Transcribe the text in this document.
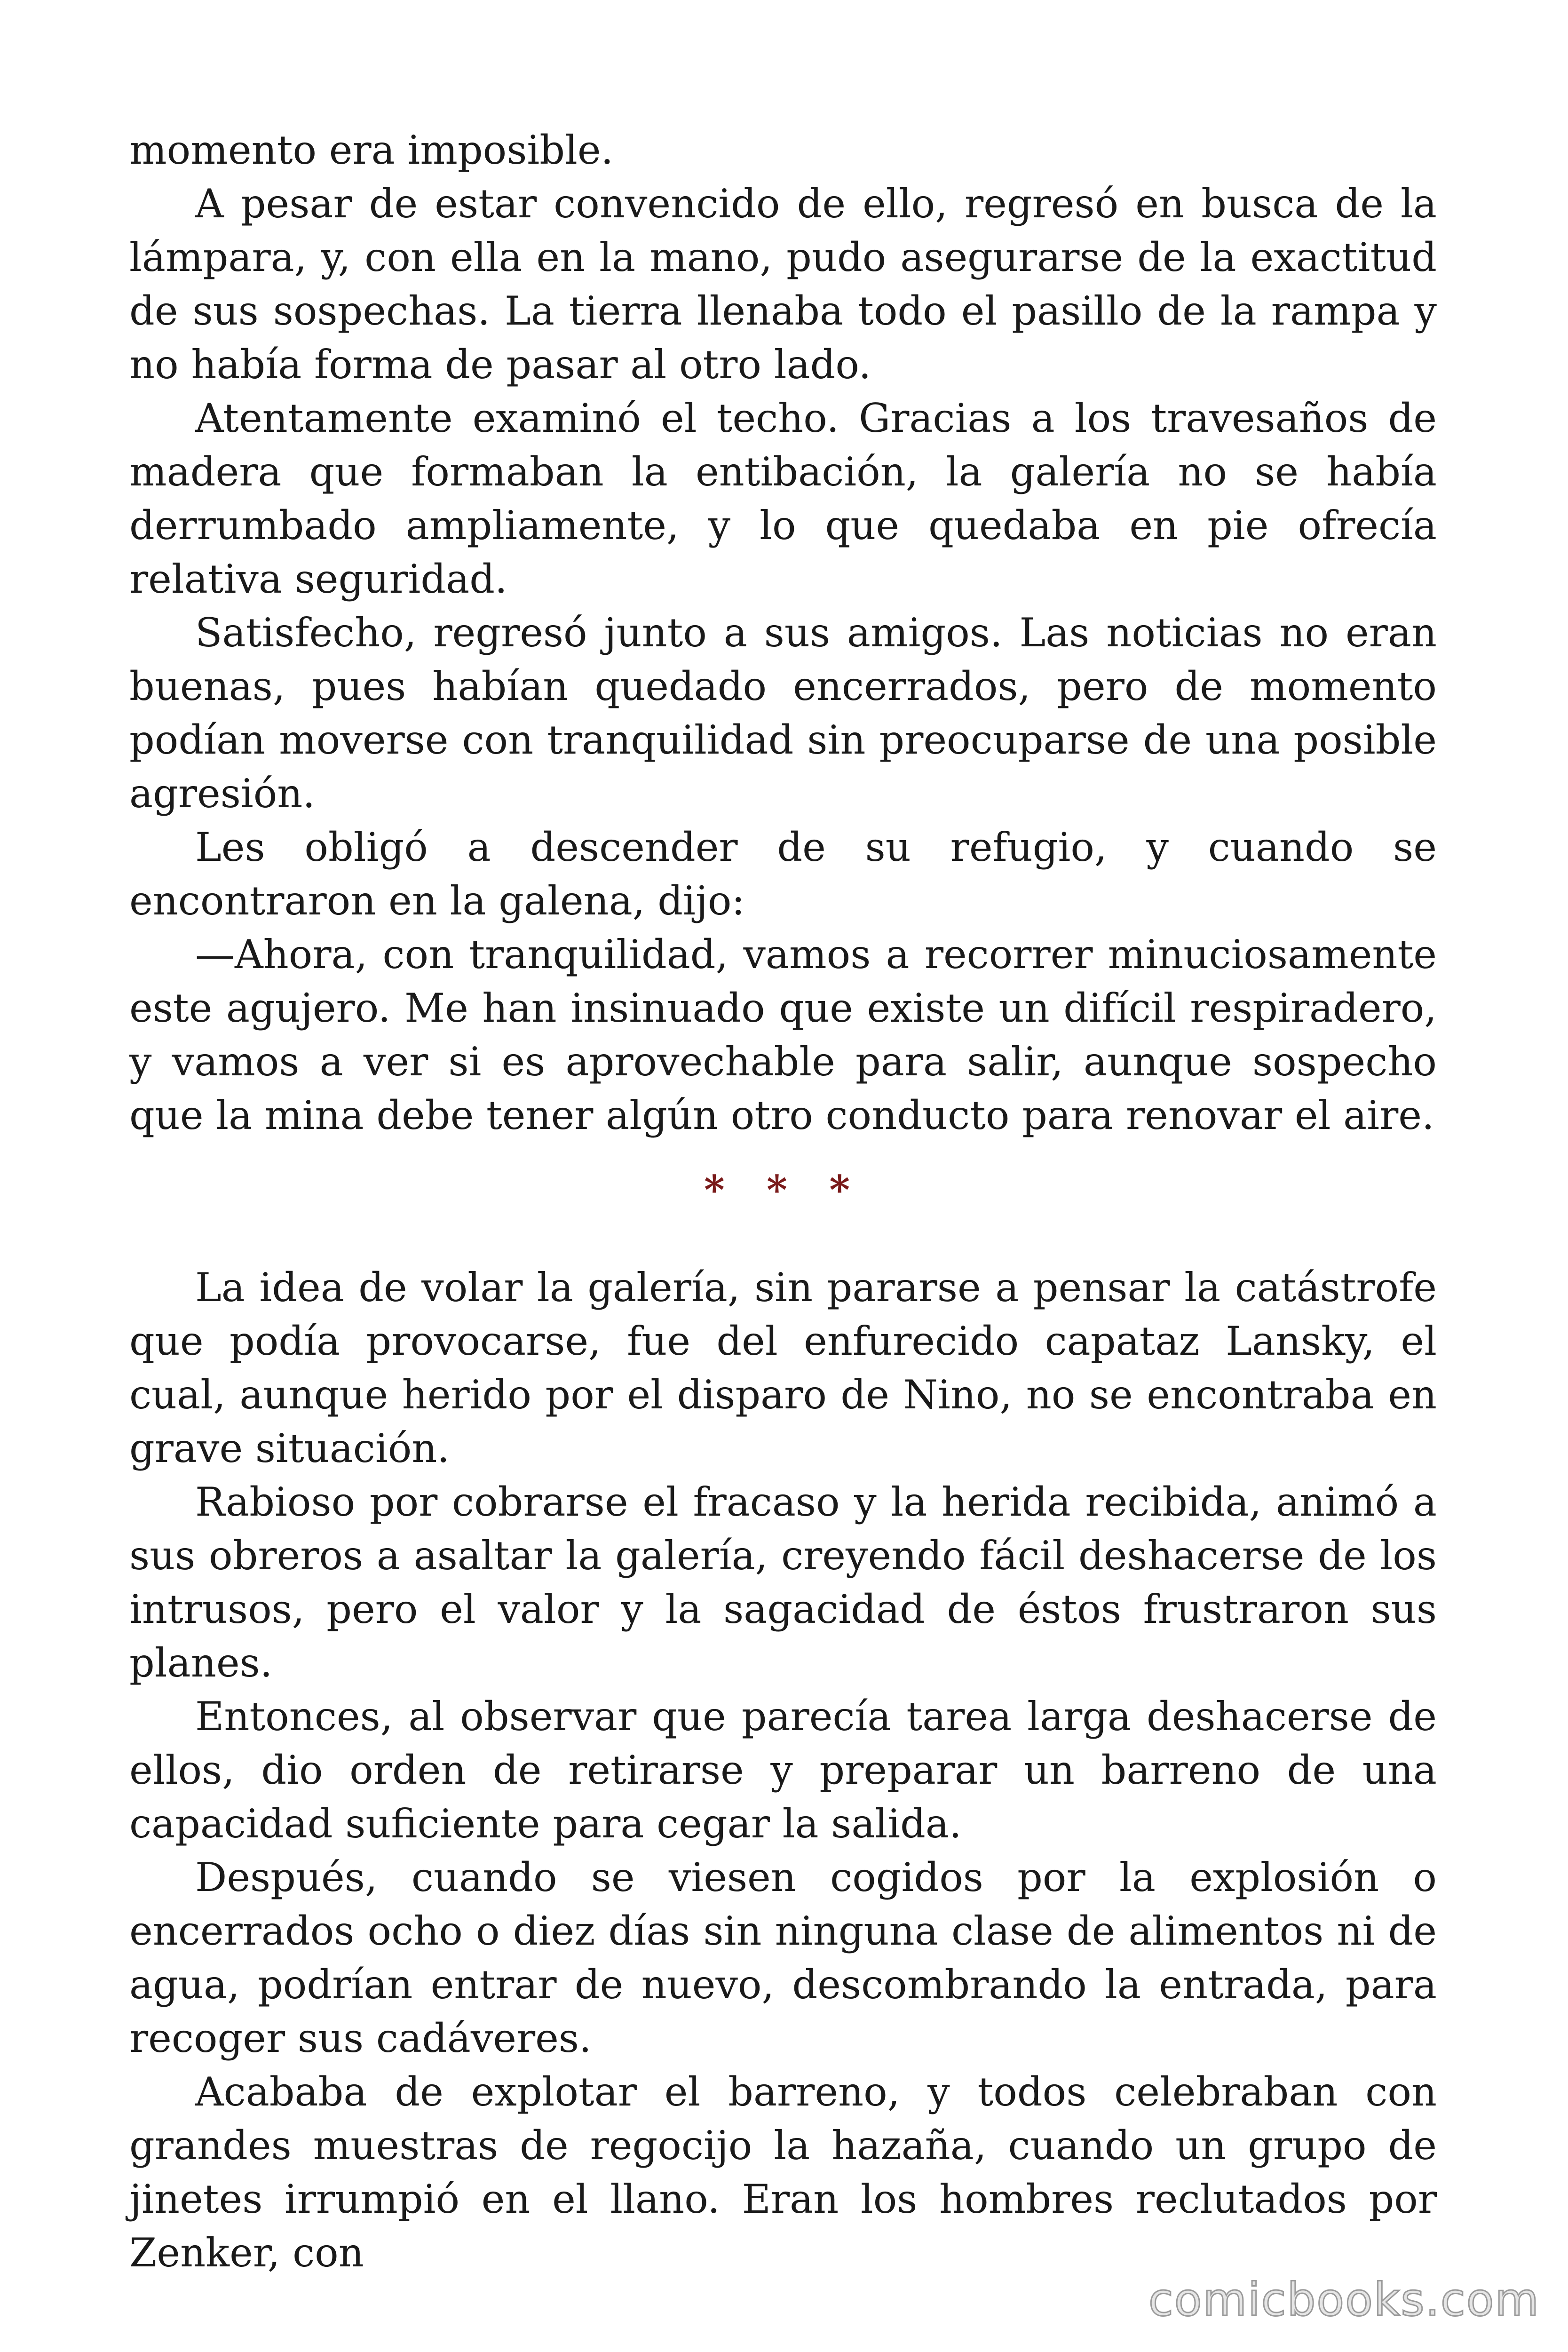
momento era imposible.

A pesar de estar convencido de ello, regresó en busca de la lámpara, y, con ella en la mano, pudo asegurarse de la exactitud de sus sospechas. La tierra llenaba todo el pasillo de la rampa y no había forma de pasar al otro lado.

Atentamente examinó el techo. Gracias a los travesaños de madera que formaban la entibación, la galería no se había derrumbado ampliamente, y lo que quedaba en pie ofrecía relativa seguridad.

Satisfecho, regresó junto a sus amigos. Las noticias no eran buenas, pues habían quedado encerrados, pero de momento podían moverse con tranquilidad sin preocuparse de una posible agresión.

Les obligó a descender de su refugio, y cuando se encontraron en la galena, dijo:

—Ahora, con tranquilidad, vamos a recorrer minuciosamente este agujero. Me han insinuado que existe un difícil respiradero, y vamos a ver si es aprovechable para salir, aunque sospecho que la mina debe tener algún otro conducto para renovar el aire.

* * *

La idea de volar la galería, sin pararse a pensar la catástrofe que podía provocarse, fue del enfurecido capataz Lansky, el cual, aunque herido por el disparo de Nino, no se encontraba en grave situación.

Rabioso por cobrarse el fracaso y la herida recibida, animó a sus obreros a asaltar la galería, creyendo fácil deshacerse de los intrusos, pero el valor y la sagacidad de éstos frustraron sus planes.

Entonces, al observar que parecía tarea larga deshacerse de ellos, dio orden de retirarse y preparar un barreno de una capacidad suficiente para cegar la salida.

Después, cuando se viesen cogidos por la explosión o encerrados ocho o diez días sin ninguna clase de alimentos ni de agua, podrían entrar de nuevo, descombrando la entrada, para recoger sus cadáveres.

Acababa de explotar el barreno, y todos celebraban con grandes muestras de regocijo la hazaña, cuando un grupo de jinetes irrumpió en el llano. Eran los hombres reclutados por Zenker, con

comicbooks.com
